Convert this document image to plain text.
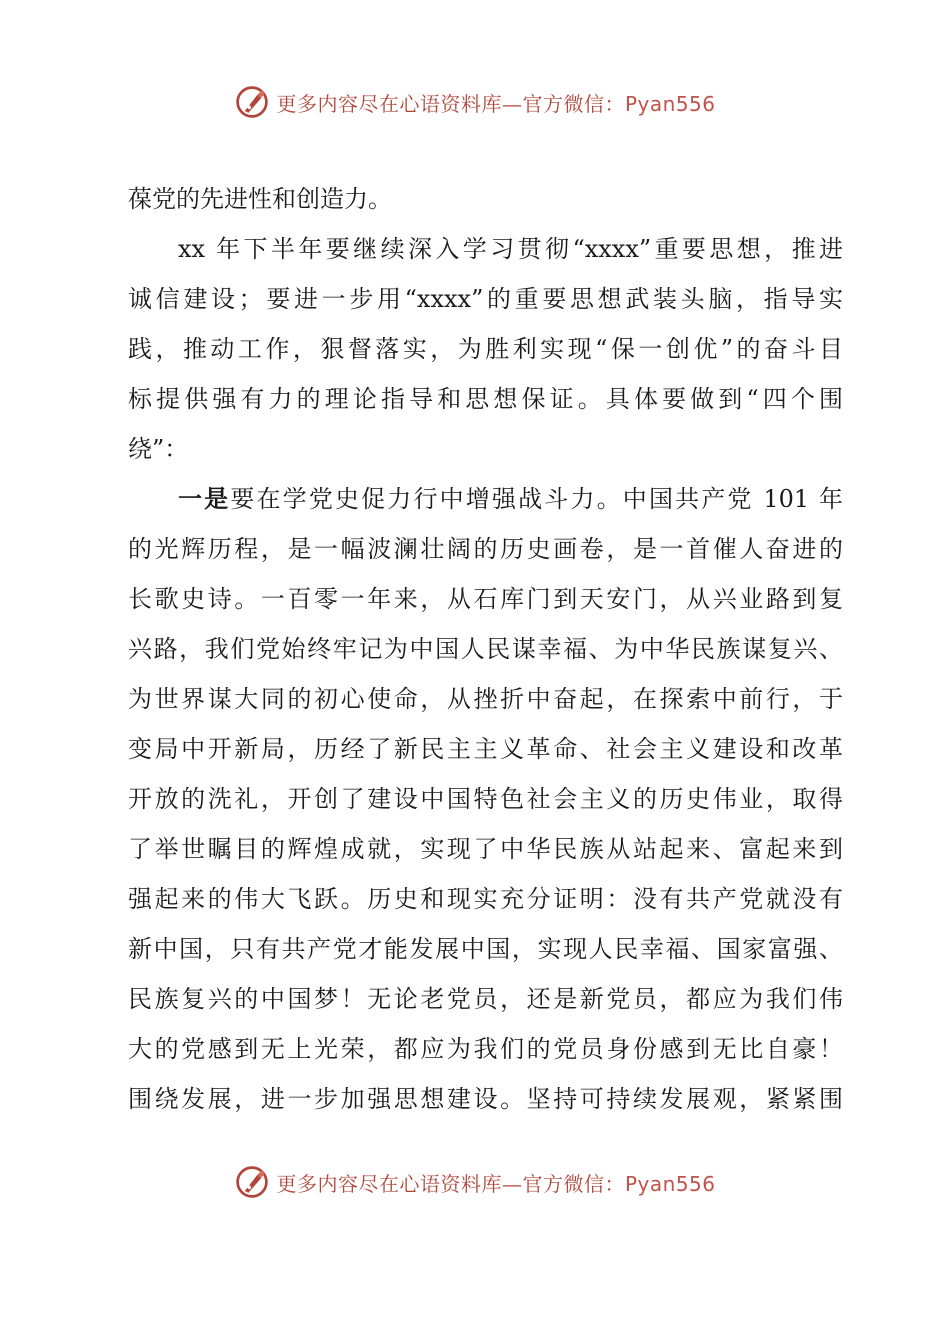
更多内容尽在心语资料库—官方微信：Pyan556
葆党的先进性和创造力。
xx 年下半年要继续深入学习贯彻“xxxx”重要思想，推进
诚信建设；要进一步用“xxxx”的重要思想武装头脑，指导实
践，推动工作，狠督落实，为胜利实现“保一创优”的奋斗目
标提供强有力的理论指导和思想保证。具体要做到“四个围
绕”：
一是要在学党史促力行中增强战斗力。中国共产党 101 年
的光辉历程，是一幅波澜壮阔的历史画卷，是一首催人奋进的
长歌史诗。一百零一年来，从石库门到天安门，从兴业路到复
兴路，我们党始终牢记为中国人民谋幸福、为中华民族谋复兴、
为世界谋大同的初心使命，从挫折中奋起，在探索中前行，于
变局中开新局，历经了新民主主义革命、社会主义建设和改革
开放的洗礼，开创了建设中国特色社会主义的历史伟业，取得
了举世瞩目的辉煌成就，实现了中华民族从站起来、富起来到
强起来的伟大飞跃。历史和现实充分证明：没有共产党就没有
新中国，只有共产党才能发展中国，实现人民幸福、国家富强、
民族复兴的中国梦！无论老党员，还是新党员，都应为我们伟
大的党感到无上光荣，都应为我们的党员身份感到无比自豪！
围绕发展，进一步加强思想建设。坚持可持续发展观，紧紧围
更多内容尽在心语资料库—官方微信：Pyan556
